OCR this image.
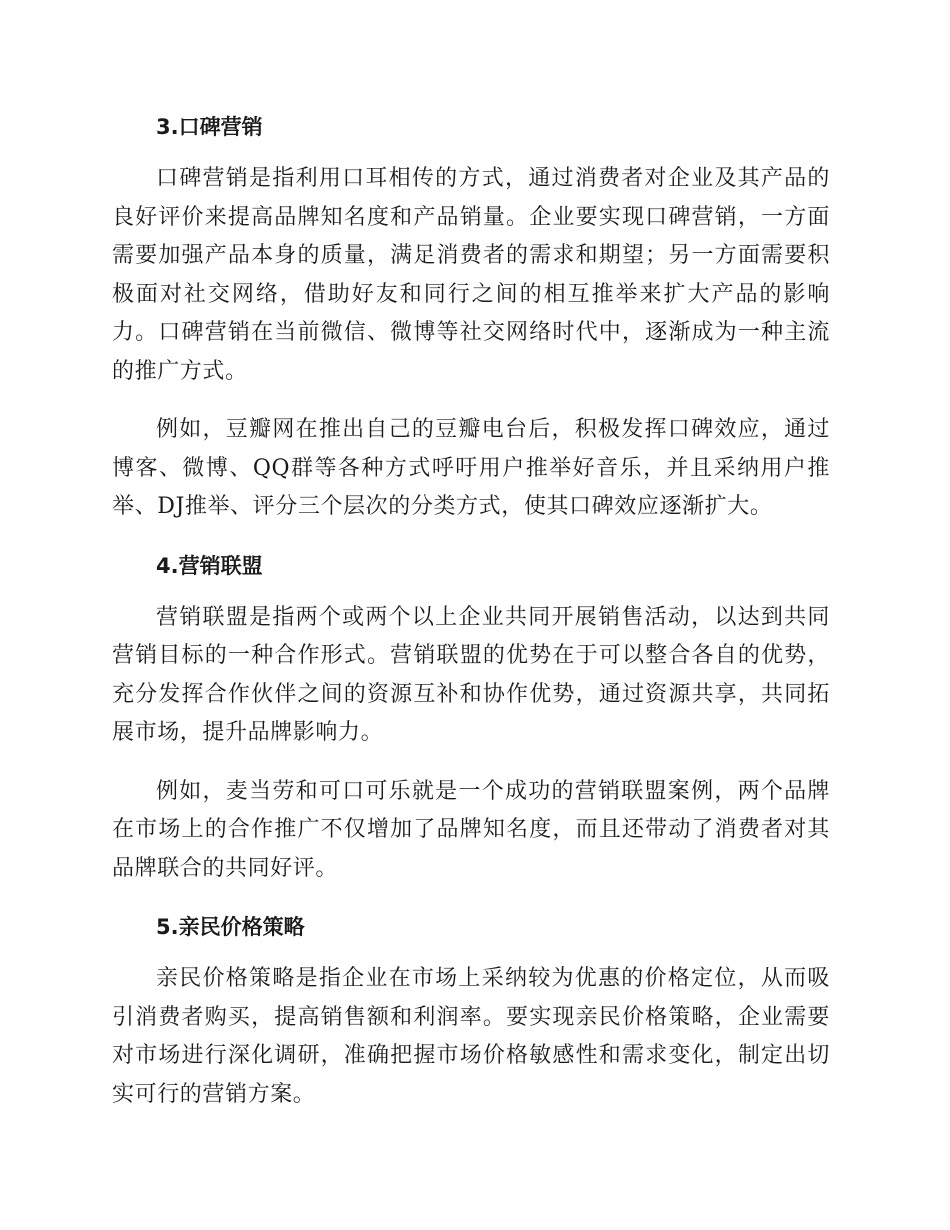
3.口碑营销

口碑营销是指利用口耳相传的方式，通过消费者对企业及其产品的良好评价来提高品牌知名度和产品销量。企业要实现口碑营销，一方面需要加强产品本身的质量，满足消费者的需求和期望；另一方面需要积极面对社交网络，借助好友和同行之间的相互推举来扩大产品的影响力。口碑营销在当前微信、微博等社交网络时代中，逐渐成为一种主流的推广方式。

例如，豆瓣网在推出自己的豆瓣电台后，积极发挥口碑效应，通过博客、微博、QQ群等各种方式呼吁用户推举好音乐，并且采纳用户推举、DJ推举、评分三个层次的分类方式，使其口碑效应逐渐扩大。

4.营销联盟

营销联盟是指两个或两个以上企业共同开展销售活动，以达到共同营销目标的一种合作形式。营销联盟的优势在于可以整合各自的优势，充分发挥合作伙伴之间的资源互补和协作优势，通过资源共享，共同拓展市场，提升品牌影响力。

例如，麦当劳和可口可乐就是一个成功的营销联盟案例，两个品牌在市场上的合作推广不仅增加了品牌知名度，而且还带动了消费者对其品牌联合的共同好评。

5.亲民价格策略

亲民价格策略是指企业在市场上采纳较为优惠的价格定位，从而吸引消费者购买，提高销售额和利润率。要实现亲民价格策略，企业需要对市场进行深化调研，准确把握市场价格敏感性和需求变化，制定出切实可行的营销方案。
